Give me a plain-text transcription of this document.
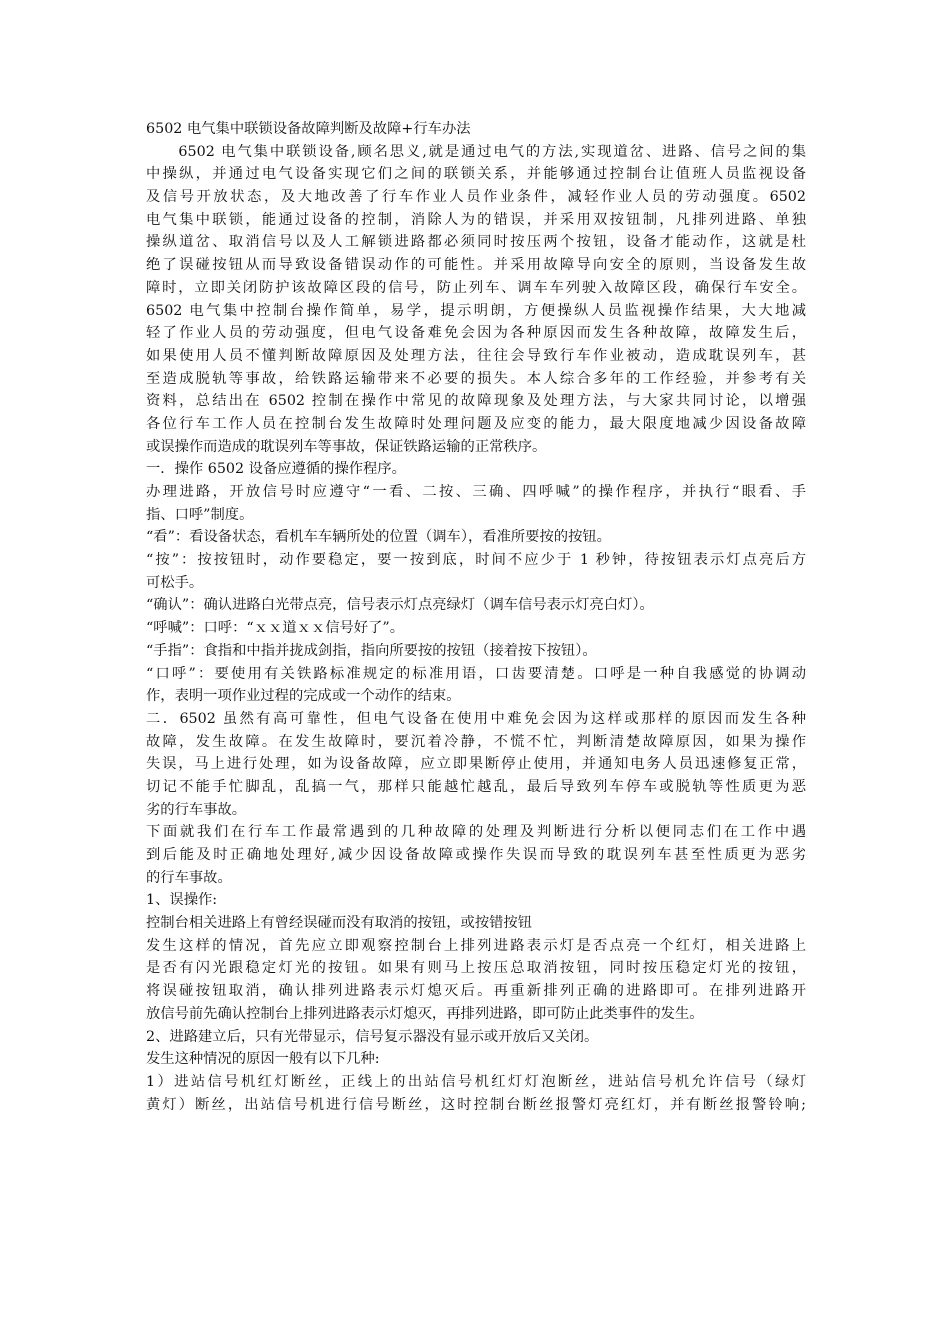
6502 电气集中联锁设备故障判断及故障+行车办法
　　6502 电气集中联锁设备,顾名思义,就是通过电气的方法,实现道岔、进路、信号之间的集
中操纵，并通过电气设备实现它们之间的联锁关系，并能够通过控制台让值班人员监视设备
及信号开放状态，及大地改善了行车作业人员作业条件，减轻作业人员的劳动强度。6502
电气集中联锁，能通过设备的控制，消除人为的错误，并采用双按钮制，凡排列进路、单独
操纵道岔、取消信号以及人工解锁进路都必须同时按压两个按钮，设备才能动作，这就是杜
绝了误碰按钮从而导致设备错误动作的可能性。并采用故障导向安全的原则，当设备发生故
障时，立即关闭防护该故障区段的信号，防止列车、调车车列驶入故障区段，确保行车安全。
6502 电气集中控制台操作简单，易学，提示明朗，方便操纵人员监视操作结果，大大地减
轻了作业人员的劳动强度，但电气设备难免会因为各种原因而发生各种故障，故障发生后，
如果使用人员不懂判断故障原因及处理方法，往往会导致行车作业被动，造成耽误列车，甚
至造成脱轨等事故，给铁路运输带来不必要的损失。本人综合多年的工作经验，并参考有关
资料，总结出在 6502 控制在操作中常见的故障现象及处理方法，与大家共同讨论，以增强
各位行车工作人员在控制台发生故障时处理问题及应变的能力，最大限度地减少因设备故障
或误操作而造成的耽误列车等事故，保证铁路运输的正常秩序。
一．操作 6502 设备应遵循的操作程序。
办理进路，开放信号时应遵守“一看、二按、三确、四呼喊”的操作程序，并执行“眼看、手
指、口呼”制度。
“看”：看设备状态，看机车车辆所处的位置（调车），看准所要按的按钮。
“按”：按按钮时，动作要稳定，要一按到底，时间不应少于 1 秒钟，待按钮表示灯点亮后方
可松手。
“确认”：确认进路白光带点亮，信号表示灯点亮绿灯（调车信号表示灯亮白灯）。
“呼喊”：口呼：“ｘｘ道ｘｘ信号好了”。
“手指”：食指和中指并拢成剑指，指向所要按的按钮（接着按下按钮）。
“口呼”：要使用有关铁路标准规定的标准用语，口齿要清楚。口呼是一种自我感觉的协调动
作，表明一项作业过程的完成或一个动作的结束。
二．6502 虽然有高可靠性，但电气设备在使用中难免会因为这样或那样的原因而发生各种
故障，发生故障。在发生故障时，要沉着冷静，不慌不忙，判断清楚故障原因，如果为操作
失误，马上进行处理，如为设备故障，应立即果断停止使用，并通知电务人员迅速修复正常，
切记不能手忙脚乱，乱搞一气，那样只能越忙越乱，最后导致列车停车或脱轨等性质更为恶
劣的行车事故。
下面就我们在行车工作最常遇到的几种故障的处理及判断进行分析以便同志们在工作中遇
到后能及时正确地处理好,减少因设备故障或操作失误而导致的耽误列车甚至性质更为恶劣
的行车事故。
1、误操作:
控制台相关进路上有曾经误碰而没有取消的按钮，或按错按钮
发生这样的情况，首先应立即观察控制台上排列进路表示灯是否点亮一个红灯，相关进路上
是否有闪光跟稳定灯光的按钮。如果有则马上按压总取消按钮，同时按压稳定灯光的按钮，
将误碰按钮取消，确认排列进路表示灯熄灭后。再重新排列正确的进路即可。在排列进路开
放信号前先确认控制台上排列进路表示灯熄灭，再排列进路，即可防止此类事件的发生。
2、进路建立后，只有光带显示，信号复示器没有显示或开放后又关闭。
发生这种情况的原因一般有以下几种:
1）进站信号机红灯断丝，正线上的出站信号机红灯灯泡断丝，进站信号机允许信号（绿灯
黄灯）断丝，出站信号机进行信号断丝，这时控制台断丝报警灯亮红灯，并有断丝报警铃响;
